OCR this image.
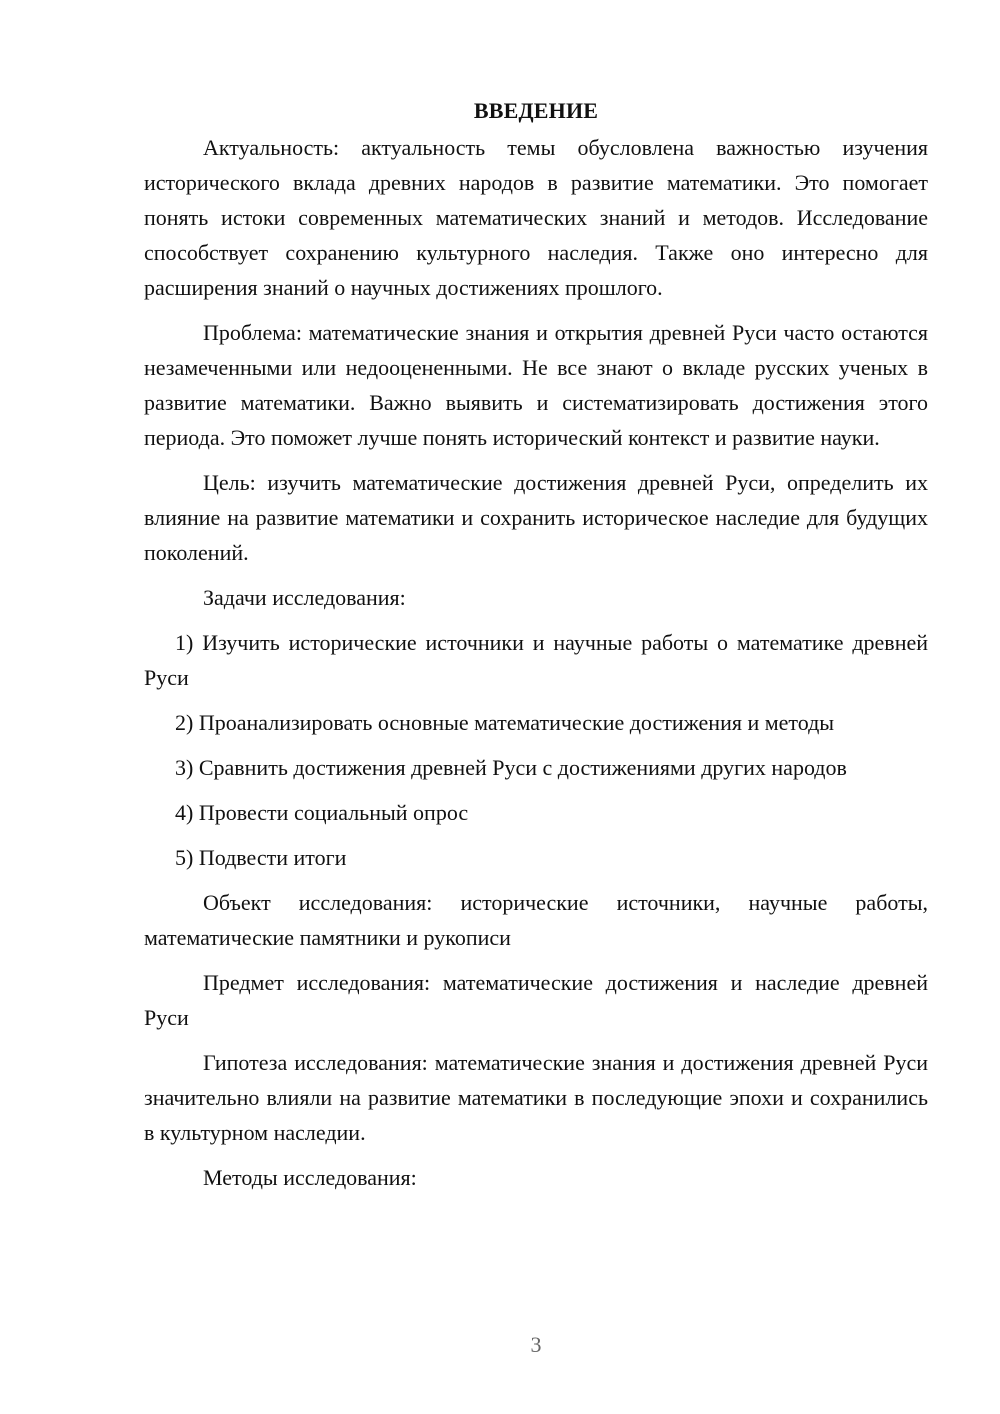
ВВЕДЕНИЕ

Актуальность: актуальность темы обусловлена важностью изучения исторического вклада древних народов в развитие математики. Это помогает понять истоки современных математических знаний и методов. Исследование способствует сохранению культурного наследия. Также оно интересно для расширения знаний о научных достижениях прошлого.

Проблема: математические знания и открытия древней Руси часто остаются незамеченными или недооцененными. Не все знают о вкладе русских ученых в развитие математики. Важно выявить и систематизировать достижения этого периода. Это поможет лучше понять исторический контекст и развитие науки.

Цель: изучить математические достижения древней Руси, определить их влияние на развитие математики и сохранить историческое наследие для будущих поколений.

Задачи исследования:

1) Изучить исторические источники и научные работы о математике древней Руси

2) Проанализировать основные математические достижения и методы

3) Сравнить достижения древней Руси с достижениями других народов

4) Провести социальный опрос

5) Подвести итоги

Объект исследования: исторические источники, научные работы, математические памятники и рукописи

Предмет исследования: математические достижения и наследие древней Руси

Гипотеза исследования: математические знания и достижения древней Руси значительно влияли на развитие математики в последующие эпохи и сохранились в культурном наследии.

Методы исследования:

3
